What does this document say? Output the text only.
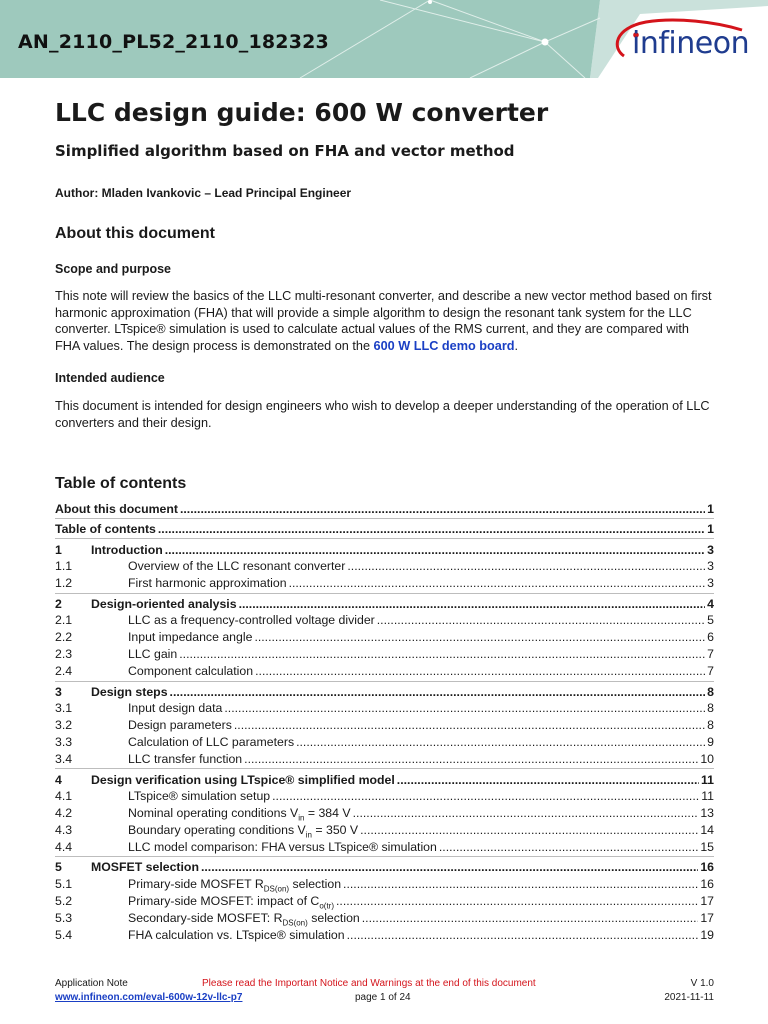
AN_2110_PL52_2110_182323	infineon
LLC design guide: 600 W converter
Simplified algorithm based on FHA and vector method
Author: Mladen Ivankovic – Lead Principal Engineer
About this document
Scope and purpose
This note will review the basics of the LLC multi-resonant converter, and describe a new vector method based on first harmonic approximation (FHA) that will provide a simple algorithm to design the resonant tank system for the LLC converter. LTspice® simulation is used to calculate actual values of the RMS current, and they are compared with FHA values. The design process is demonstrated on the 600 W LLC demo board.
Intended audience
This document is intended for design engineers who wish to develop a deeper understanding of the operation of LLC converters and their design.
Table of contents
About this document .....	1
Table of contents .....	1
1	Introduction .....	3
1.1	Overview of the LLC resonant converter .....	3
1.2	First harmonic approximation .....	3
2	Design-oriented analysis .....	4
2.1	LLC as a frequency-controlled voltage divider .....	5
2.2	Input impedance angle .....	6
2.3	LLC gain .....	7
2.4	Component calculation .....	7
3	Design steps .....	8
3.1	Input design data .....	8
3.2	Design parameters .....	8
3.3	Calculation of LLC parameters .....	9
3.4	LLC transfer function .....	10
4	Design verification using LTspice® simplified model .....	11
4.1	LTspice® simulation setup .....	11
4.2	Nominal operating conditions $V_{in} = 384$ V .....	13
4.3	Boundary operating conditions $V_{in} = 350$ V .....	14
4.4	LLC model comparison: FHA versus LTspice® simulation .....	15
5	MOSFET selection .....	16
5.1	Primary-side MOSFET $R_{DS(on)}$ selection .....	16
5.2	Primary-side MOSFET: impact of $C_{o(tr)}$ .....	17
5.3	Secondary-side MOSFET: $R_{DS(on)}$ selection .....	17
5.4	FHA calculation vs. LTspice® simulation .....	19
Application Note	Please read the Important Notice and Warnings at the end of this document	V 1.0
www.infineon.com/eval-600w-12v-llc-p7	page 1 of 24	2021-11-11
